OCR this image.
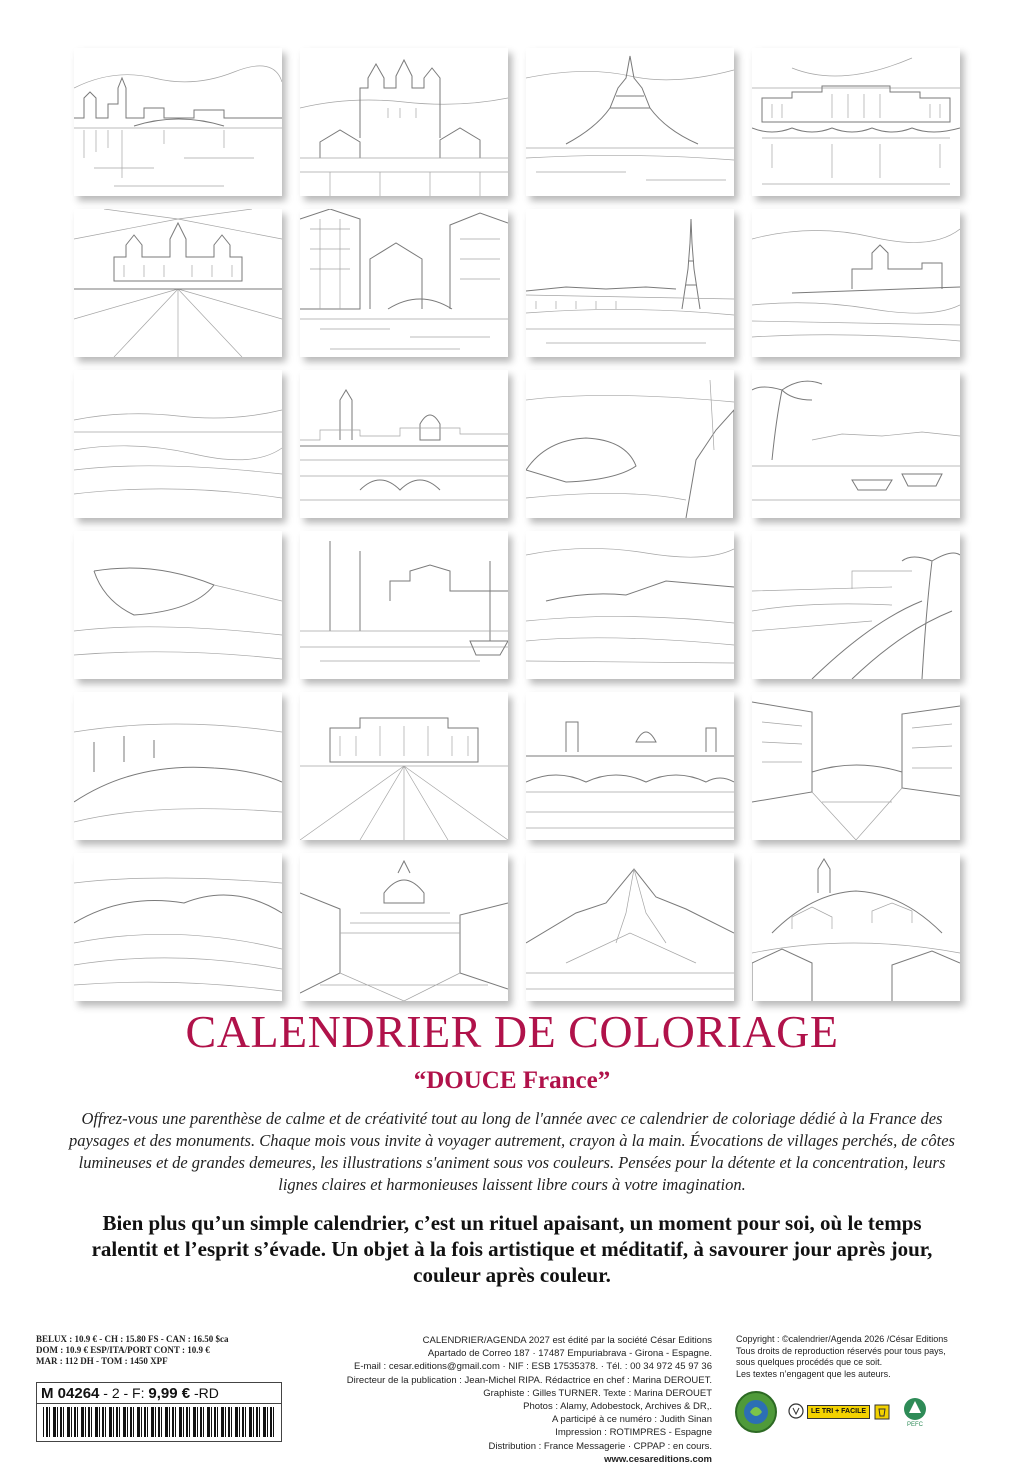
CALENDRIER DE COLORIAGE
“DOUCE France”
Offrez-vous une parenthèse de calme et de créativité tout au long de l'année avec ce calendrier de coloriage dédié à la France des paysages et des monuments. Chaque mois vous invite à voyager autrement, crayon à la main. Évocations de villages perchés, de côtes lumineuses et de grandes demeures, les illustrations s'animent sous vos couleurs. Pensées pour la détente et la concentration, leurs lignes claires et harmonieuses laissent libre cours à votre imagination.
Bien plus qu’un simple calendrier, c’est un rituel apaisant, un moment pour soi, où le temps ralentit et l’esprit s’évade. Un objet à la fois artistique et méditatif, à savourer jour après jour, couleur après couleur.
BELUX : 10.9 € - CH : 15.80 FS - CAN : 16.50 $ca
DOM : 10.9 € ESP/ITA/PORT CONT : 10.9 €
MAR : 112 DH - TOM : 1450 XPF
M 04264 - 2 - F: 9,99 € -RD
CALENDRIER/AGENDA 2027 est édité par la société César Editions
Apartado de Correo 187 · 17487 Empuriabrava - Girona - Espagne.
E-mail : cesar.editions@gmail.com · NIF : ESB 17535378. · Tél. : 00 34 972 45 97 36
Directeur de la publication : Jean-Michel RIPA. Rédactrice en chef : Marina DEROUET.
Graphiste : Gilles TURNER. Texte : Marina DEROUET
Photos : Alamy, Adobestock, Archives & DR,.
A participé à ce numéro : Judith Sinan
Impression : ROTIMPRES - Espagne
Distribution : France Messagerie · CPPAP : en cours.
www.cesareditions.com
Copyright : ©calendrier/Agenda 2026 /César Editions
Tous droits de reproduction réservés pour tous pays,
sous quelques procédés que ce soit.
Les textes n’engagent que les auteurs.
LE TRI + FACILE
PEFC
